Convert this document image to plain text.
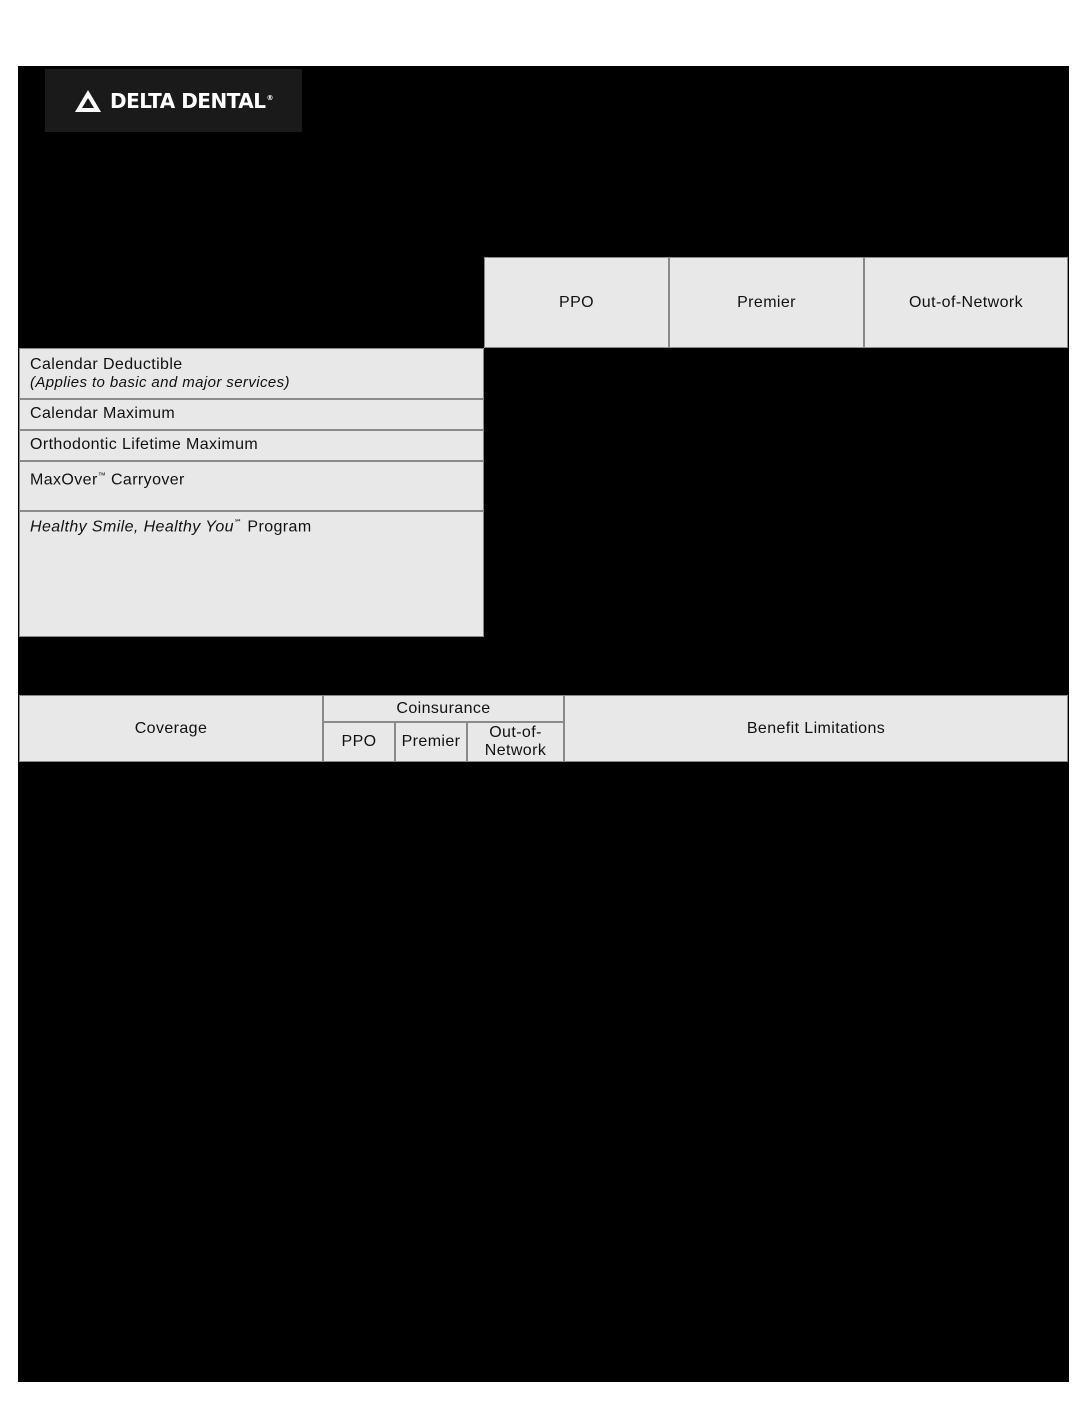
DELTA DENTAL®
PPO	Premier	Out-of-Network
Calendar Deductible
(Applies to basic and major services)
Calendar Maximum
Orthodontic Lifetime Maximum
MaxOver™ Carryover
Healthy Smile, Healthy You℠ Program
Coverage
Coinsurance
PPO Premier
Out-of-
Network
Benefit Limitations
